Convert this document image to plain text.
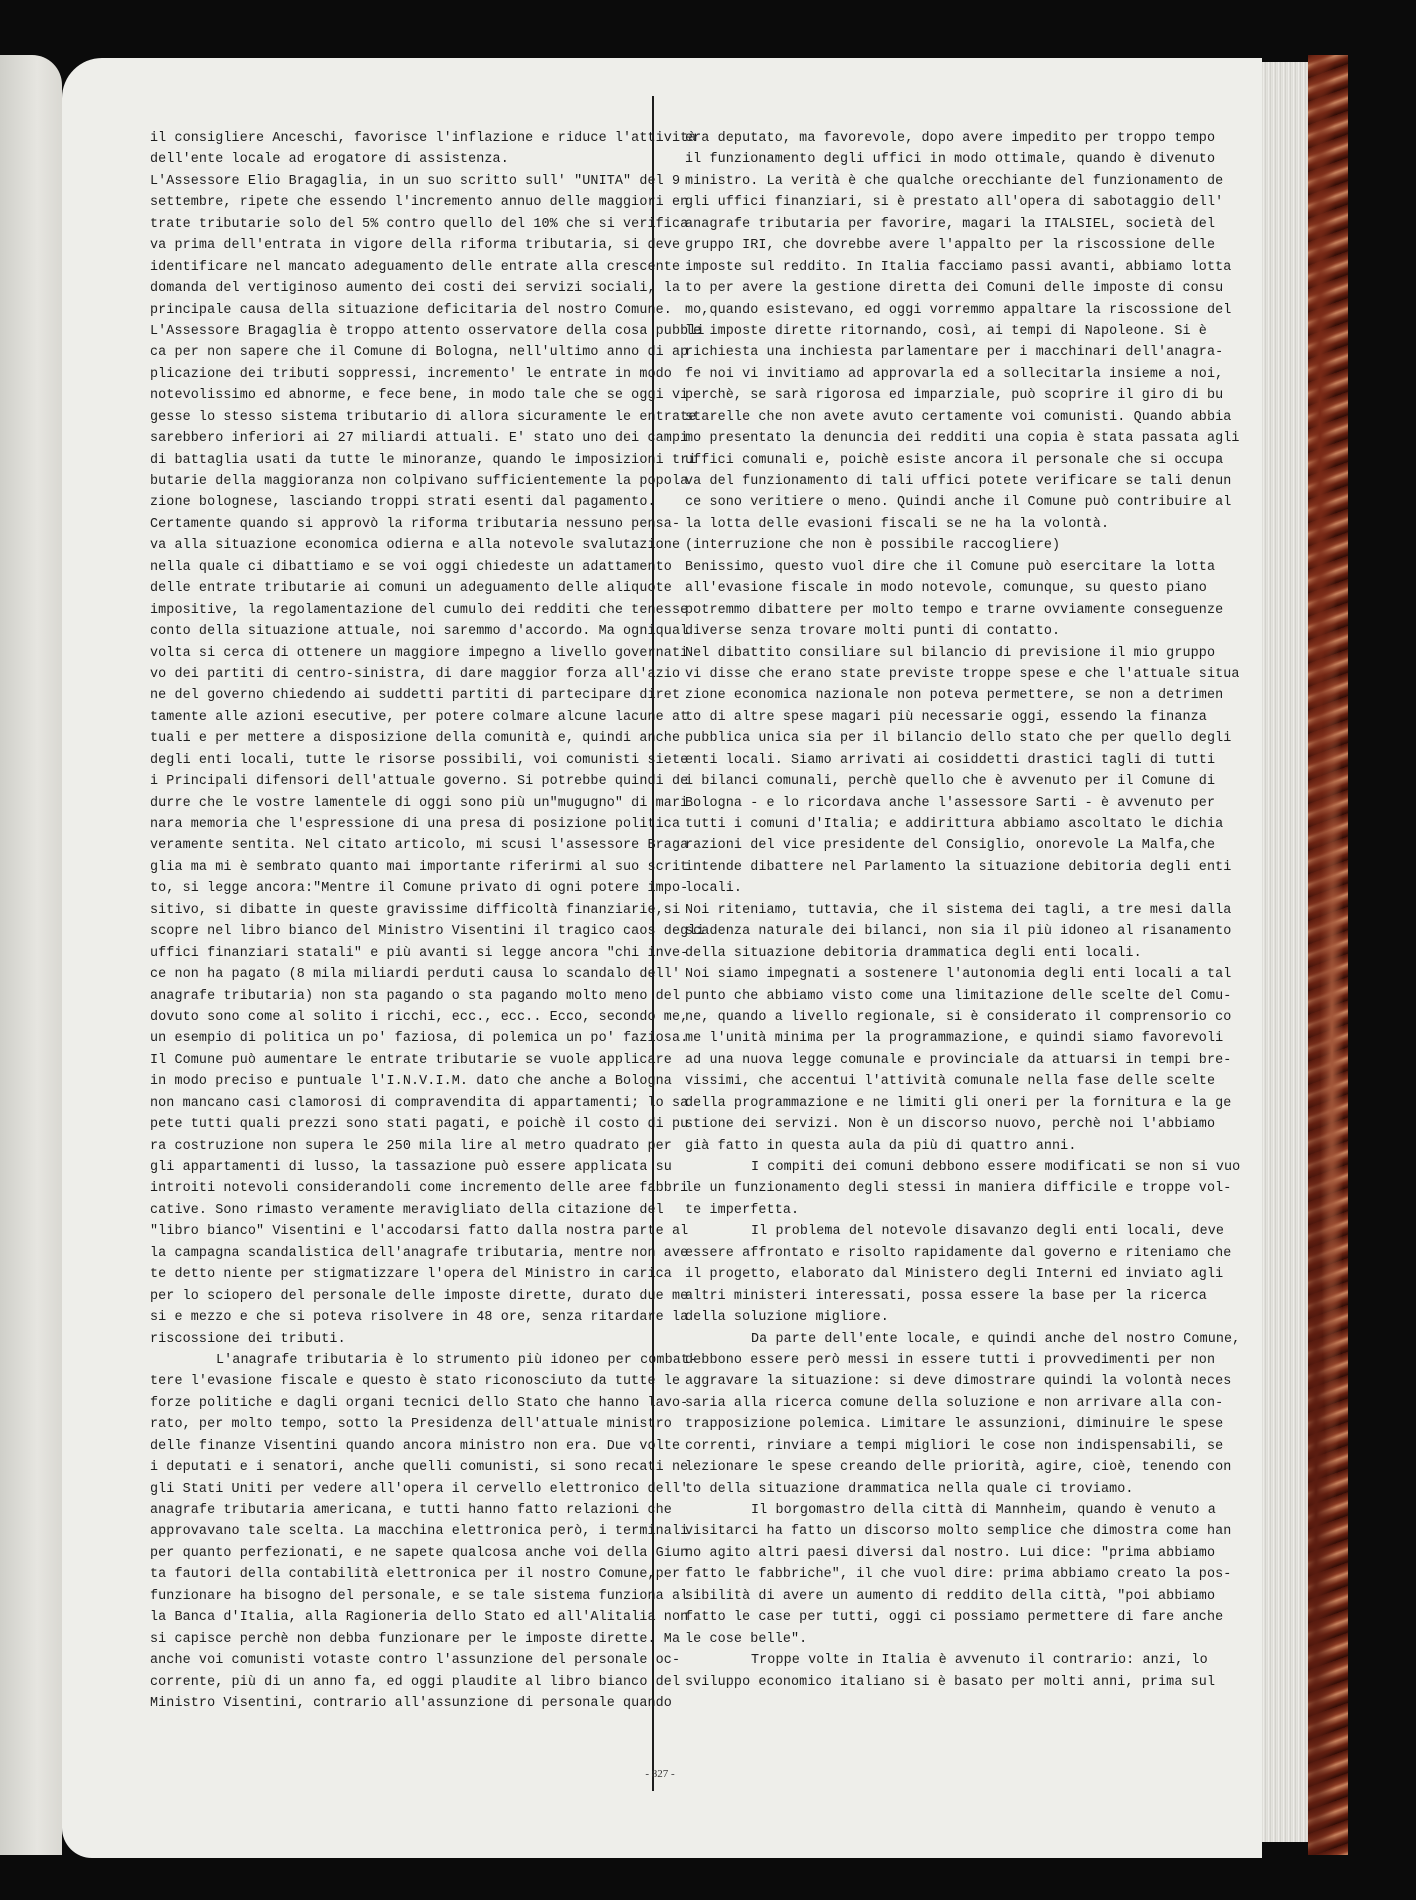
il consigliere Anceschi, favorisce l'inflazione e riduce l'attività
dell'ente locale ad erogatore di assistenza.
L'Assessore Elio Bragaglia, in un suo scritto sull' "UNITA" del 9
settembre, ripete che essendo l'incremento annuo delle maggiori en
trate tributarie solo del 5% contro quello del 10% che si verifica
va prima dell'entrata in vigore della riforma tributaria, si deve
identificare nel mancato adeguamento delle entrate alla crescente
domanda del vertiginoso aumento dei costi dei servizi sociali, la
principale causa della situazione deficitaria del nostro Comune.
L'Assessore Bragaglia è troppo attento osservatore della cosa pubbli
ca per non sapere che il Comune di Bologna, nell'ultimo anno di ap
plicazione dei tributi soppressi, incremento' le entrate in modo
notevolissimo ed abnorme, e fece bene, in modo tale che se oggi vi
gesse lo stesso sistema tributario di allora sicuramente le entrate
sarebbero inferiori ai 27 miliardi attuali. E' stato uno dei campi
di battaglia usati da tutte le minoranze, quando le imposizioni tri
butarie della maggioranza non colpivano sufficientemente la popola
zione bolognese, lasciando troppi strati esenti dal pagamento.
Certamente quando si approvò la riforma tributaria nessuno pensa-
va alla situazione economica odierna e alla notevole svalutazione
nella quale ci dibattiamo e se voi oggi chiedeste un adattamento
delle entrate tributarie ai comuni un adeguamento delle aliquote
impositive, la regolamentazione del cumulo dei redditi che tenesse
conto della situazione attuale, noi saremmo d'accordo. Ma ogniqual
volta si cerca di ottenere un maggiore impegno a livello governati
vo dei partiti di centro-sinistra, di dare maggior forza all'azio
ne del governo chiedendo ai suddetti partiti di partecipare diret
tamente alle azioni esecutive, per potere colmare alcune lacune at
tuali e per mettere a disposizione della comunità e, quindi anche
degli enti locali, tutte le risorse possibili, voi comunisti siete
i Principali difensori dell'attuale governo. Si potrebbe quindi de
durre che le vostre lamentele di oggi sono più un"mugugno" di mari
nara memoria che l'espressione di una presa di posizione politica
veramente sentita. Nel citato articolo, mi scusi l'assessore Braga
glia ma mi è sembrato quanto mai importante riferirmi al suo scrit
to, si legge ancora:"Mentre il Comune privato di ogni potere impo-
sitivo, si dibatte in queste gravissime difficoltà finanziarie,si
scopre nel libro bianco del Ministro Visentini il tragico caos degli
uffici finanziari statali" e più avanti si legge ancora "chi inve-
ce non ha pagato (8 mila miliardi perduti causa lo scandalo dell'
anagrafe tributaria) non sta pagando o sta pagando molto meno del
dovuto sono come al solito i ricchi, ecc., ecc.. Ecco, secondo me,
un esempio di politica un po' faziosa, di polemica un po' faziosa.
Il Comune può aumentare le entrate tributarie se vuole applicare
in modo preciso e puntuale l'I.N.V.I.M. dato che anche a Bologna
non mancano casi clamorosi di compravendita di appartamenti; lo sa
pete tutti quali prezzi sono stati pagati, e poichè il costo di pu
ra costruzione non supera le 250 mila lire al metro quadrato per
gli appartamenti di lusso, la tassazione può essere applicata su
introiti notevoli considerandoli come incremento delle aree fabbri
cative. Sono rimasto veramente meravigliato della citazione del
"libro bianco" Visentini e l'accodarsi fatto dalla nostra parte al
la campagna scandalistica dell'anagrafe tributaria, mentre non ave
te detto niente per stigmatizzare l'opera del Ministro in carica
per lo sciopero del personale delle imposte dirette, durato due me
si e mezzo e che si poteva risolvere in 48 ore, senza ritardare la
riscossione dei tributi.
L'anagrafe tributaria è lo strumento più idoneo per combat-
tere l'evasione fiscale e questo è stato riconosciuto da tutte le
forze politiche e dagli organi tecnici dello Stato che hanno lavo-
rato, per molto tempo, sotto la Presidenza dell'attuale ministro
delle finanze Visentini quando ancora ministro non era. Due volte
i deputati e i senatori, anche quelli comunisti, si sono recati ne
gli Stati Uniti per vedere all'opera il cervello elettronico dell'
anagrafe tributaria americana, e tutti hanno fatto relazioni che
approvavano tale scelta. La macchina elettronica però, i terminali
per quanto perfezionati, e ne sapete qualcosa anche voi della Giun
ta fautori della contabilità elettronica per il nostro Comune,per
funzionare ha bisogno del personale, e se tale sistema funziona al
la Banca d'Italia, alla Ragioneria dello Stato ed all'Alitalia non
si capisce perchè non debba funzionare per le imposte dirette. Ma
anche voi comunisti votaste contro l'assunzione del personale oc-
corrente, più di un anno fa, ed oggi plaudite al libro bianco del
Ministro Visentini, contrario all'assunzione di personale quando
era deputato, ma favorevole, dopo avere impedito per troppo tempo
il funzionamento degli uffici in modo ottimale, quando è divenuto
ministro. La verità è che qualche orecchiante del funzionamento de
gli uffici finanziari, si è prestato all'opera di sabotaggio dell'
anagrafe tributaria per favorire, magari la ITALSIEL, società del
gruppo IRI, che dovrebbe avere l'appalto per la riscossione delle
imposte sul reddito. In Italia facciamo passi avanti, abbiamo lotta
to per avere la gestione diretta dei Comuni delle imposte di consu
mo,quando esistevano, ed oggi vorremmo appaltare la riscossione del
le imposte dirette ritornando, così, ai tempi di Napoleone. Si è
richiesta una inchiesta parlamentare per i macchinari dell'anagra-
fe noi vi invitiamo ad approvarla ed a sollecitarla insieme a noi,
perchè, se sarà rigorosa ed imparziale, può scoprire il giro di bu
starelle che non avete avuto certamente voi comunisti. Quando abbia
mo presentato la denuncia dei redditi una copia è stata passata agli
uffici comunali e, poichè esiste ancora il personale che si occupa
va del funzionamento di tali uffici potete verificare se tali denun
ce sono veritiere o meno. Quindi anche il Comune può contribuire al
la lotta delle evasioni fiscali se ne ha la volontà.
(interruzione che non è possibile raccogliere)
Benissimo, questo vuol dire che il Comune può esercitare la lotta
all'evasione fiscale in modo notevole, comunque, su questo piano
potremmo dibattere per molto tempo e trarne ovviamente conseguenze
diverse senza trovare molti punti di contatto.
Nel dibattito consiliare sul bilancio di previsione il mio gruppo
vi disse che erano state previste troppe spese e che l'attuale situa
zione economica nazionale non poteva permettere, se non a detrimen
to di altre spese magari più necessarie oggi, essendo la finanza
pubblica unica sia per il bilancio dello stato che per quello degli
enti locali. Siamo arrivati ai cosiddetti drastici tagli di tutti
i bilanci comunali, perchè quello che è avvenuto per il Comune di
Bologna - e lo ricordava anche l'assessore Sarti - è avvenuto per
tutti i comuni d'Italia; e addirittura abbiamo ascoltato le dichia
razioni del vice presidente del Consiglio, onorevole La Malfa,che
intende dibattere nel Parlamento la situazione debitoria degli enti
locali.
Noi riteniamo, tuttavia, che il sistema dei tagli, a tre mesi dalla
scadenza naturale dei bilanci, non sia il più idoneo al risanamento
della situazione debitoria drammatica degli enti locali.
Noi siamo impegnati a sostenere l'autonomia degli enti locali a tal
punto che abbiamo visto come una limitazione delle scelte del Comu-
ne, quando a livello regionale, si è considerato il comprensorio co
me l'unità minima per la programmazione, e quindi siamo favorevoli
ad una nuova legge comunale e provinciale da attuarsi in tempi bre-
vissimi, che accentui l'attività comunale nella fase delle scelte
della programmazione e ne limiti gli oneri per la fornitura e la ge
stione dei servizi. Non è un discorso nuovo, perchè noi l'abbiamo
già fatto in questa aula da più di quattro anni.
I compiti dei comuni debbono essere modificati se non si vuo
le un funzionamento degli stessi in maniera difficile e troppe vol-
te imperfetta.
Il problema del notevole disavanzo degli enti locali, deve
essere affrontato e risolto rapidamente dal governo e riteniamo che
il progetto, elaborato dal Ministero degli Interni ed inviato agli
altri ministeri interessati, possa essere la base per la ricerca
della soluzione migliore.
Da parte dell'ente locale, e quindi anche del nostro Comune,
debbono essere però messi in essere tutti i provvedimenti per non
aggravare la situazione: si deve dimostrare quindi la volontà neces
saria alla ricerca comune della soluzione e non arrivare alla con-
trapposizione polemica. Limitare le assunzioni, diminuire le spese
correnti, rinviare a tempi migliori le cose non indispensabili, se
lezionare le spese creando delle priorità, agire, cioè, tenendo con
to della situazione drammatica nella quale ci troviamo.
Il borgomastro della città di Mannheim, quando è venuto a
visitarci ha fatto un discorso molto semplice che dimostra come han
no agito altri paesi diversi dal nostro. Lui dice: "prima abbiamo
fatto le fabbriche", il che vuol dire: prima abbiamo creato la pos-
sibilità di avere un aumento di reddito della città, "poi abbiamo
fatto le case per tutti, oggi ci possiamo permettere di fare anche
le cose belle".
Troppe volte in Italia è avvenuto il contrario: anzi, lo
sviluppo economico italiano si è basato per molti anni, prima sul
- 827 -
